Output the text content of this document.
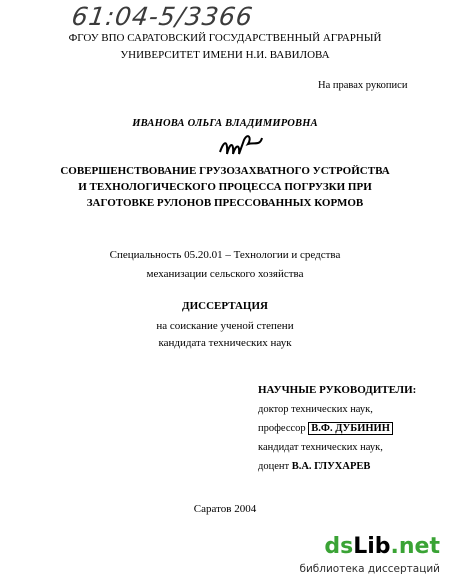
61:04-5/3366
ФГОУ ВПО САРАТОВСКИЙ ГОСУДАРСТВЕННЫЙ АГРАРНЫЙ
УНИВЕРСИТЕТ ИМЕНИ Н.И. ВАВИЛОВА
На правах рукописи
ИВАНОВА ОЛЬГА ВЛАДИМИРОВНА
СОВЕРШЕНСТВОВАНИЕ ГРУЗОЗАХВАТНОГО УСТРОЙСТВА
И ТЕХНОЛОГИЧЕСКОГО ПРОЦЕССА ПОГРУЗКИ ПРИ
ЗАГОТОВКЕ РУЛОНОВ ПРЕССОВАННЫХ КОРМОВ
Специальность 05.20.01 – Технологии и средства
механизации сельского хозяйства
ДИССЕРТАЦИЯ
на соискание ученой степени
кандидата технических наук
НАУЧНЫЕ РУКОВОДИТЕЛИ:
доктор технических наук,
профессор В.Ф. ДУБИНИН
кандидат технических наук,
доцент В.А. ГЛУХАРЕВ
Саратов 2004
dsLib.net
библиотека диссертаций
